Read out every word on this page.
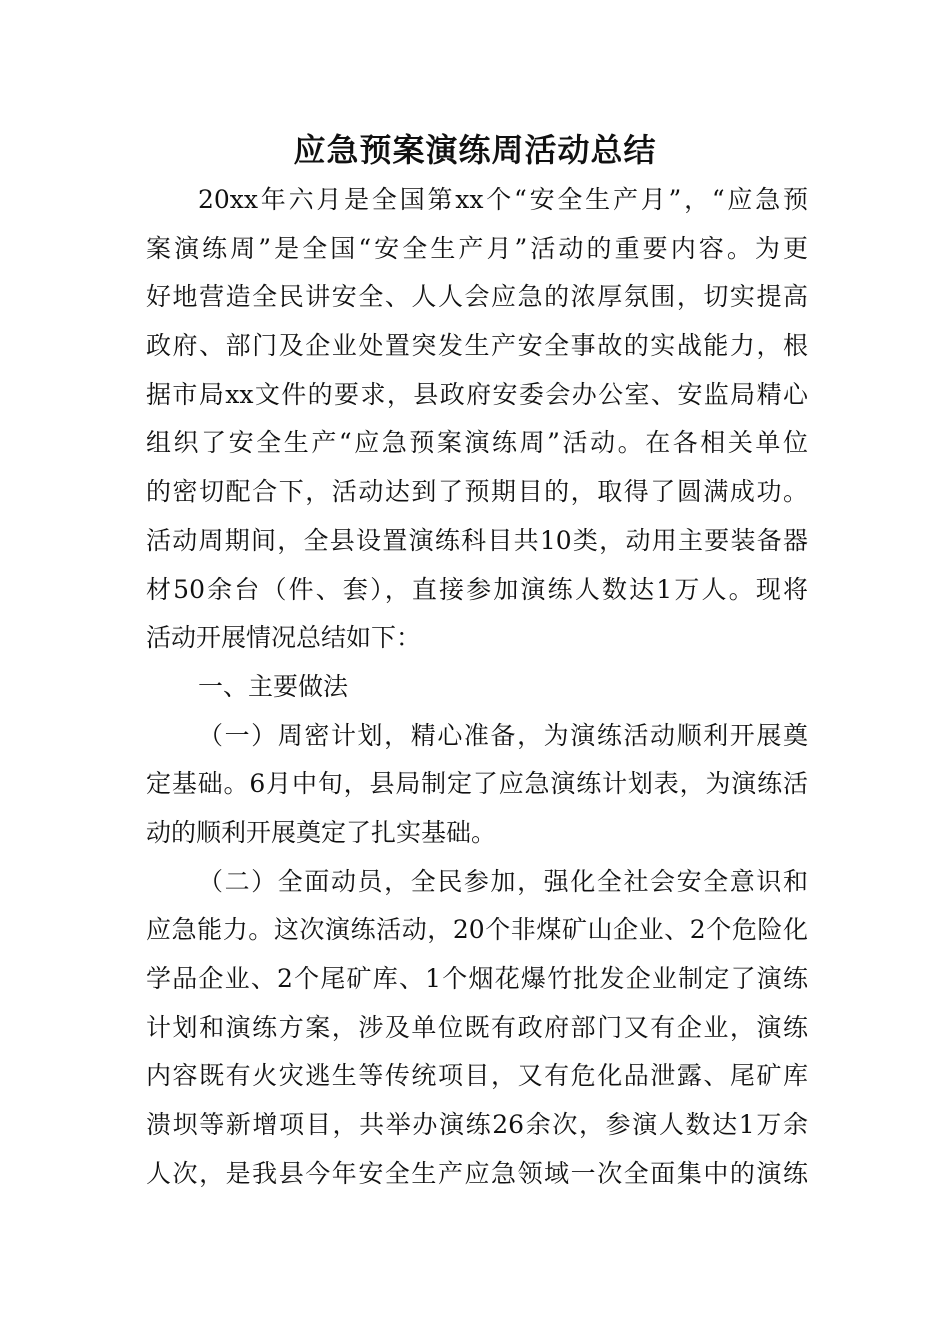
应急预案演练周活动总结
20xx年六月是全国第xx个“安全生产月”，“应急预
案演练周”是全国“安全生产月”活动的重要内容。为更
好地营造全民讲安全、人人会应急的浓厚氛围，切实提高
政府、部门及企业处置突发生产安全事故的实战能力，根
据市局xx文件的要求，县政府安委会办公室、安监局精心
组织了安全生产“应急预案演练周”活动。在各相关单位
的密切配合下，活动达到了预期目的，取得了圆满成功。
活动周期间，全县设置演练科目共10类，动用主要装备器
材50余台（件、套），直接参加演练人数达1万人。现将
活动开展情况总结如下：
一、主要做法
（一）周密计划，精心准备，为演练活动顺利开展奠
定基础。6月中旬，县局制定了应急演练计划表，为演练活
动的顺利开展奠定了扎实基础。
（二）全面动员，全民参加，强化全社会安全意识和
应急能力。这次演练活动，20个非煤矿山企业、2个危险化
学品企业、2个尾矿库、1个烟花爆竹批发企业制定了演练
计划和演练方案，涉及单位既有政府部门又有企业，演练
内容既有火灾逃生等传统项目，又有危化品泄露、尾矿库
溃坝等新增项目，共举办演练26余次，参演人数达1万余
人次，是我县今年安全生产应急领域一次全面集中的演练
